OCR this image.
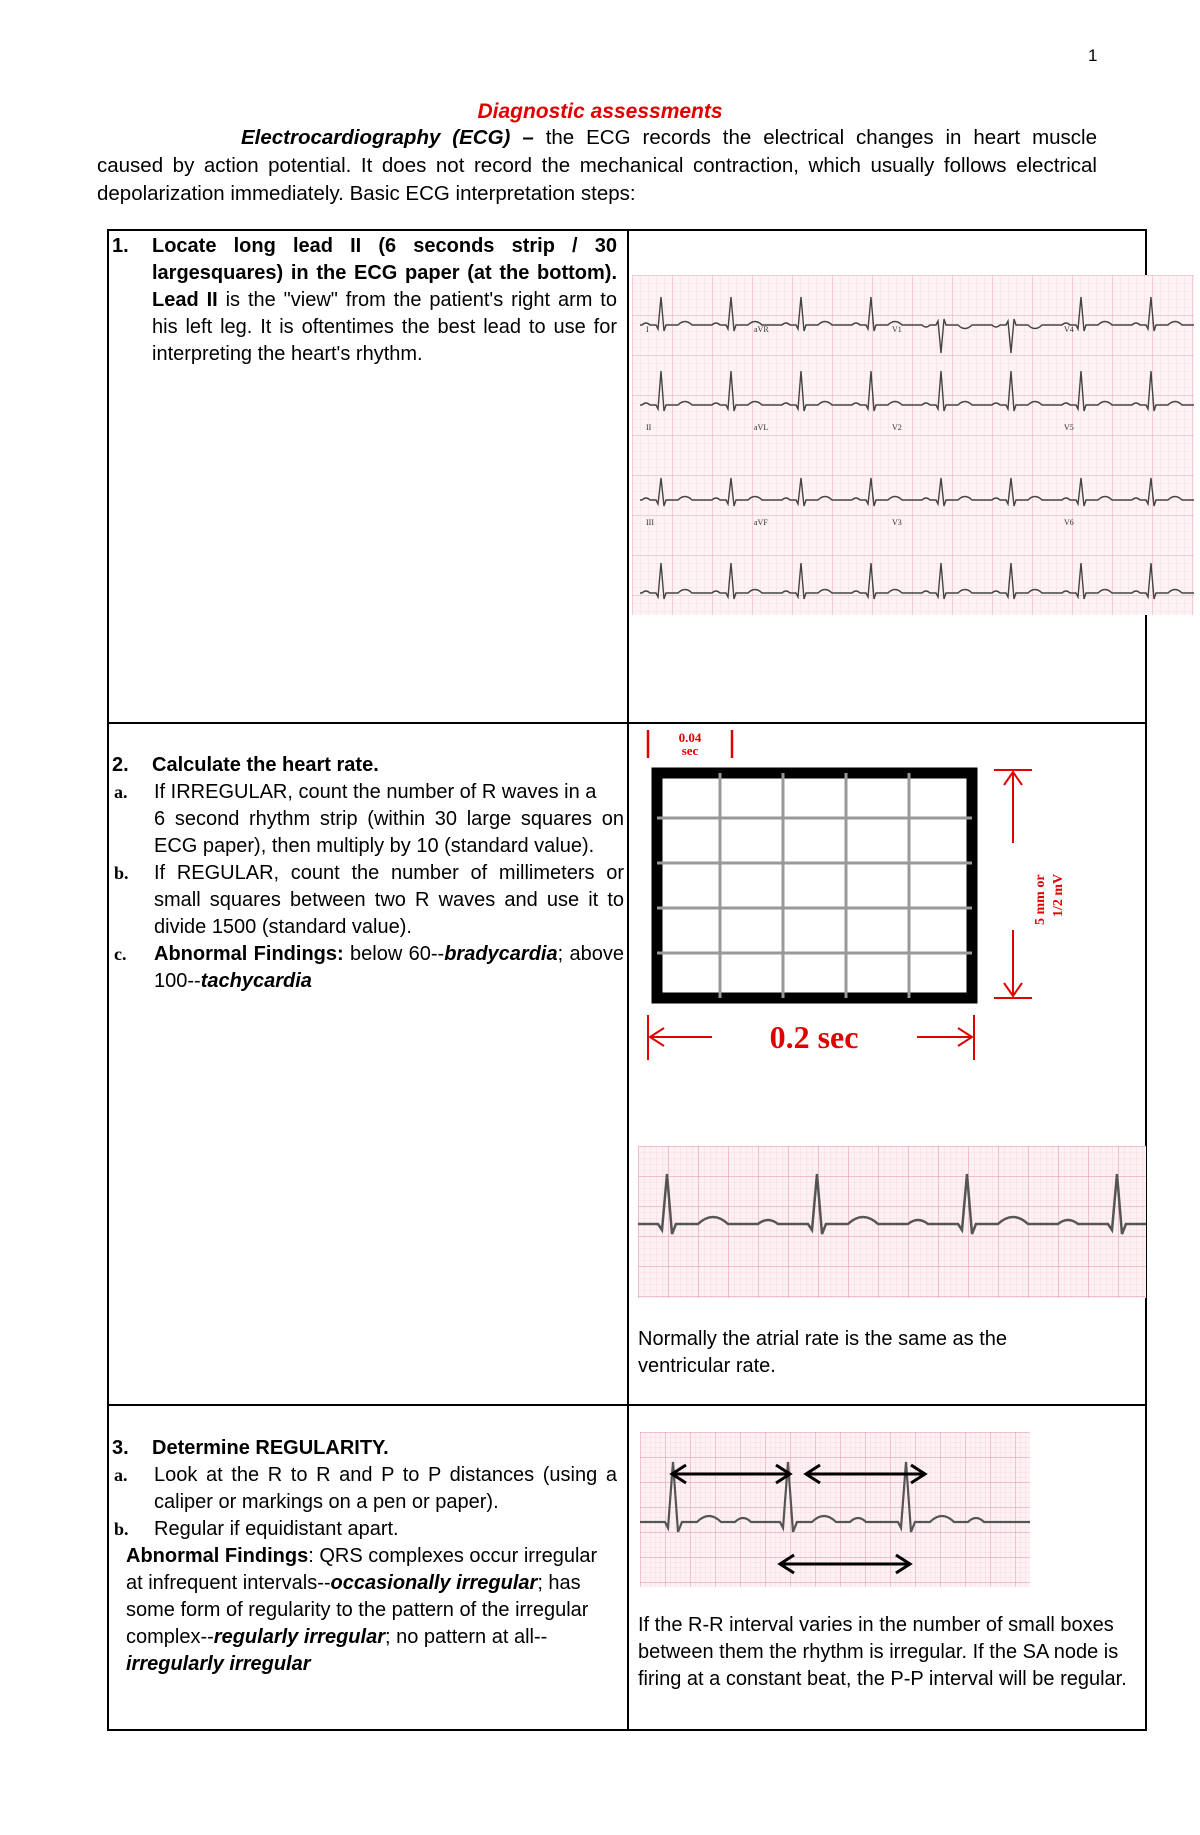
1
Diagnostic assessments
Electrocardiography (ECG) – the ECG records the electrical changes in heart muscle caused by action potential. It does not record the mechanical contraction, which usually follows electrical depolarization immediately. Basic ECG interpretation steps:
1.	Locate long lead II (6 seconds strip / 30 largesquares) in the ECG paper (at the bottom). Lead II is the "view" from the patient's right arm to his left leg. It is oftentimes the best lead to use for interpreting the heart's rhythm.
I	aVR	V1	V4
II	aVL	V2	V5
III	aVF	V3	V6
2.	Calculate the heart rate.
a.	If IRREGULAR, count the number of R waves in a
6 second rhythm strip (within 30 large squares on ECG paper), then multiply by 10 (standard value).
b.	If REGULAR, count the number of millimeters or small squares between two R waves and use it to divide 1500 (standard value).
c.	Abnormal Findings: below 60--bradycardia; above 100--tachycardia
0.04
sec
5 mm or 1/2 mV
0.2 sec
Normally the atrial rate is the same as the ventricular rate.
3.	Determine REGULARITY.
a.	Look at the R to R and P to P distances (using a caliper or markings on a pen or paper).
b.	Regular if equidistant apart.
Abnormal Findings: QRS complexes occur irregular at infrequent intervals--occasionally irregular; has some form of regularity to the pattern of the irregular complex--regularly irregular; no pattern at all--irregularly irregular
If the R-R interval varies in the number of small boxes between them the rhythm is irregular. If the SA node is firing at a constant beat, the P-P interval will be regular.
